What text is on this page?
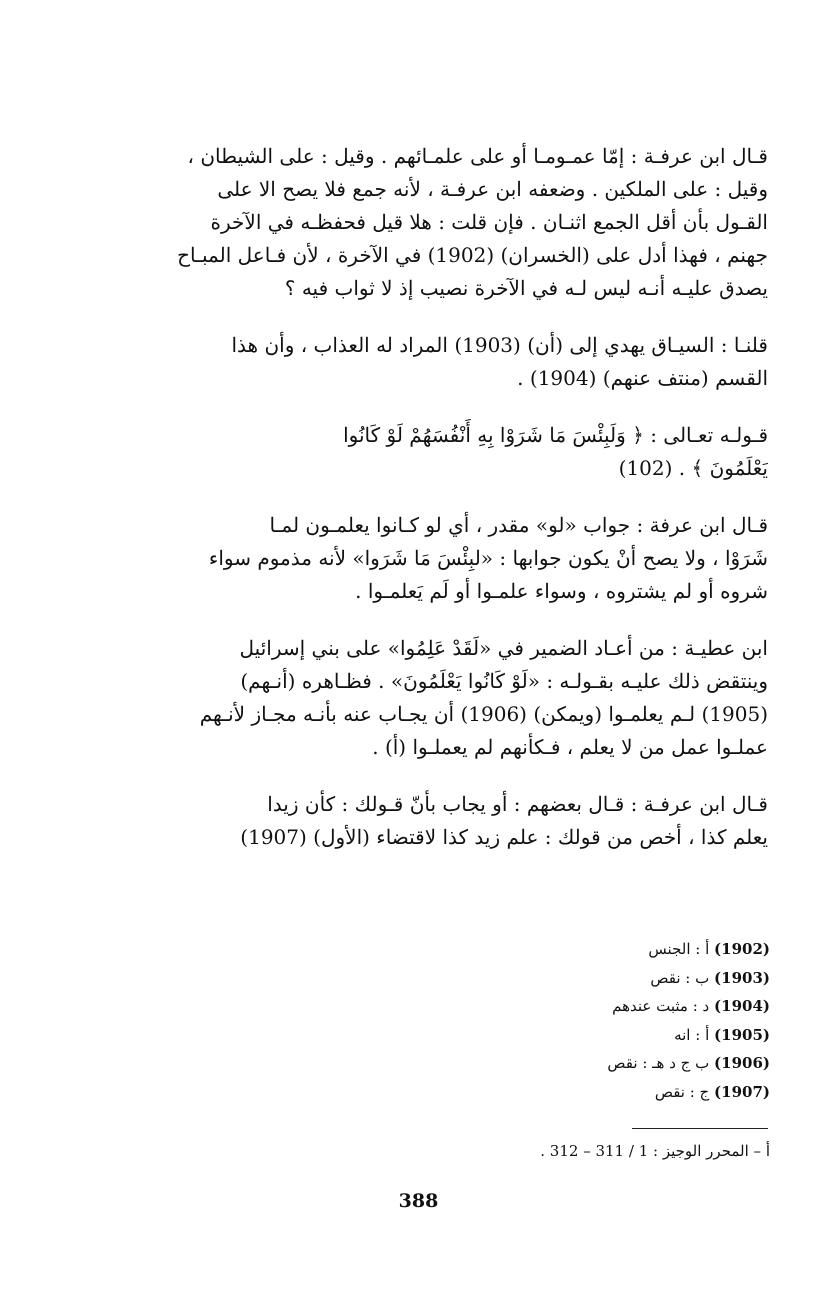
قـال ابن عرفـة : إمّا عمـومـا أو على علمـائهم . وقيل : على الشيطان ،
وقيل : على الملكين . وضعفه ابن عرفـة ، لأنه جمع فلا يصح الا على
القـول بأن أقل الجمع اثنـان . فإن قلت : هلا قيل فحفظـه في الآخرة
جهنم ، فهذا أدل على (الخسران) (1902) في الآخرة ، لأن فـاعل المبـاح
يصدق عليـه أنـه ليس لـه في الآخرة نصيب إذ لا ثواب فيه ؟

قلنـا : السيـاق يهدي إلى (أن) (1903) المراد له العذاب ، وأن هذا
القسم (منتف عنهم) (1904) .

قـولـه تعـالى : ﴿ وَلَبِئْسَ مَا شَرَوْا بِهِ أَنْفُسَهُمْ لَوْ كَانُوا
يَعْلَمُونَ ﴾ . (102)

قـال ابن عرفة : جواب «لو» مقدر ، أي لو كـانوا يعلمـون لمـا
شَرَوْا ، ولا يصح أنْ يكون جوابها : «لبِئْسَ مَا شَرَوا» لأنه مذموم سواء
شروه أو لم يشتروه ، وسواء علمـوا أو لَم يَعلمـوا .

ابن عطيـة : من أعـاد الضمير في «لَقَدْ عَلِمُوا» على بني إسرائيل
وينتقض ذلك عليـه بقـولـه : «لَوْ كَانُوا يَعْلَمُونَ» . فظـاهره (أنـهم)
(1905) لـم يعلمـوا (ويمكن) (1906) أن يجـاب عنه بأنـه مجـاز لأنـهم
عملـوا عمل من لا يعلم ، فـكأنهم لم يعملـوا (أ) .

قـال ابن عرفـة : قـال بعضهم : أو يجاب بأنّ قـولك : كأن زيدا
يعلم كذا ، أخص من قولك : علم زيد كذا لاقتضاء (الأول) (1907)

(1902) أ : الجنس
(1903) ب : نقص
(1904) د : مثبت عندهم
(1905) أ : انه
(1906) ب ج د هـ : نقص
(1907) ج : نقص
أ – المحرر الوجيز : 1 / 311 – 312 .
388
